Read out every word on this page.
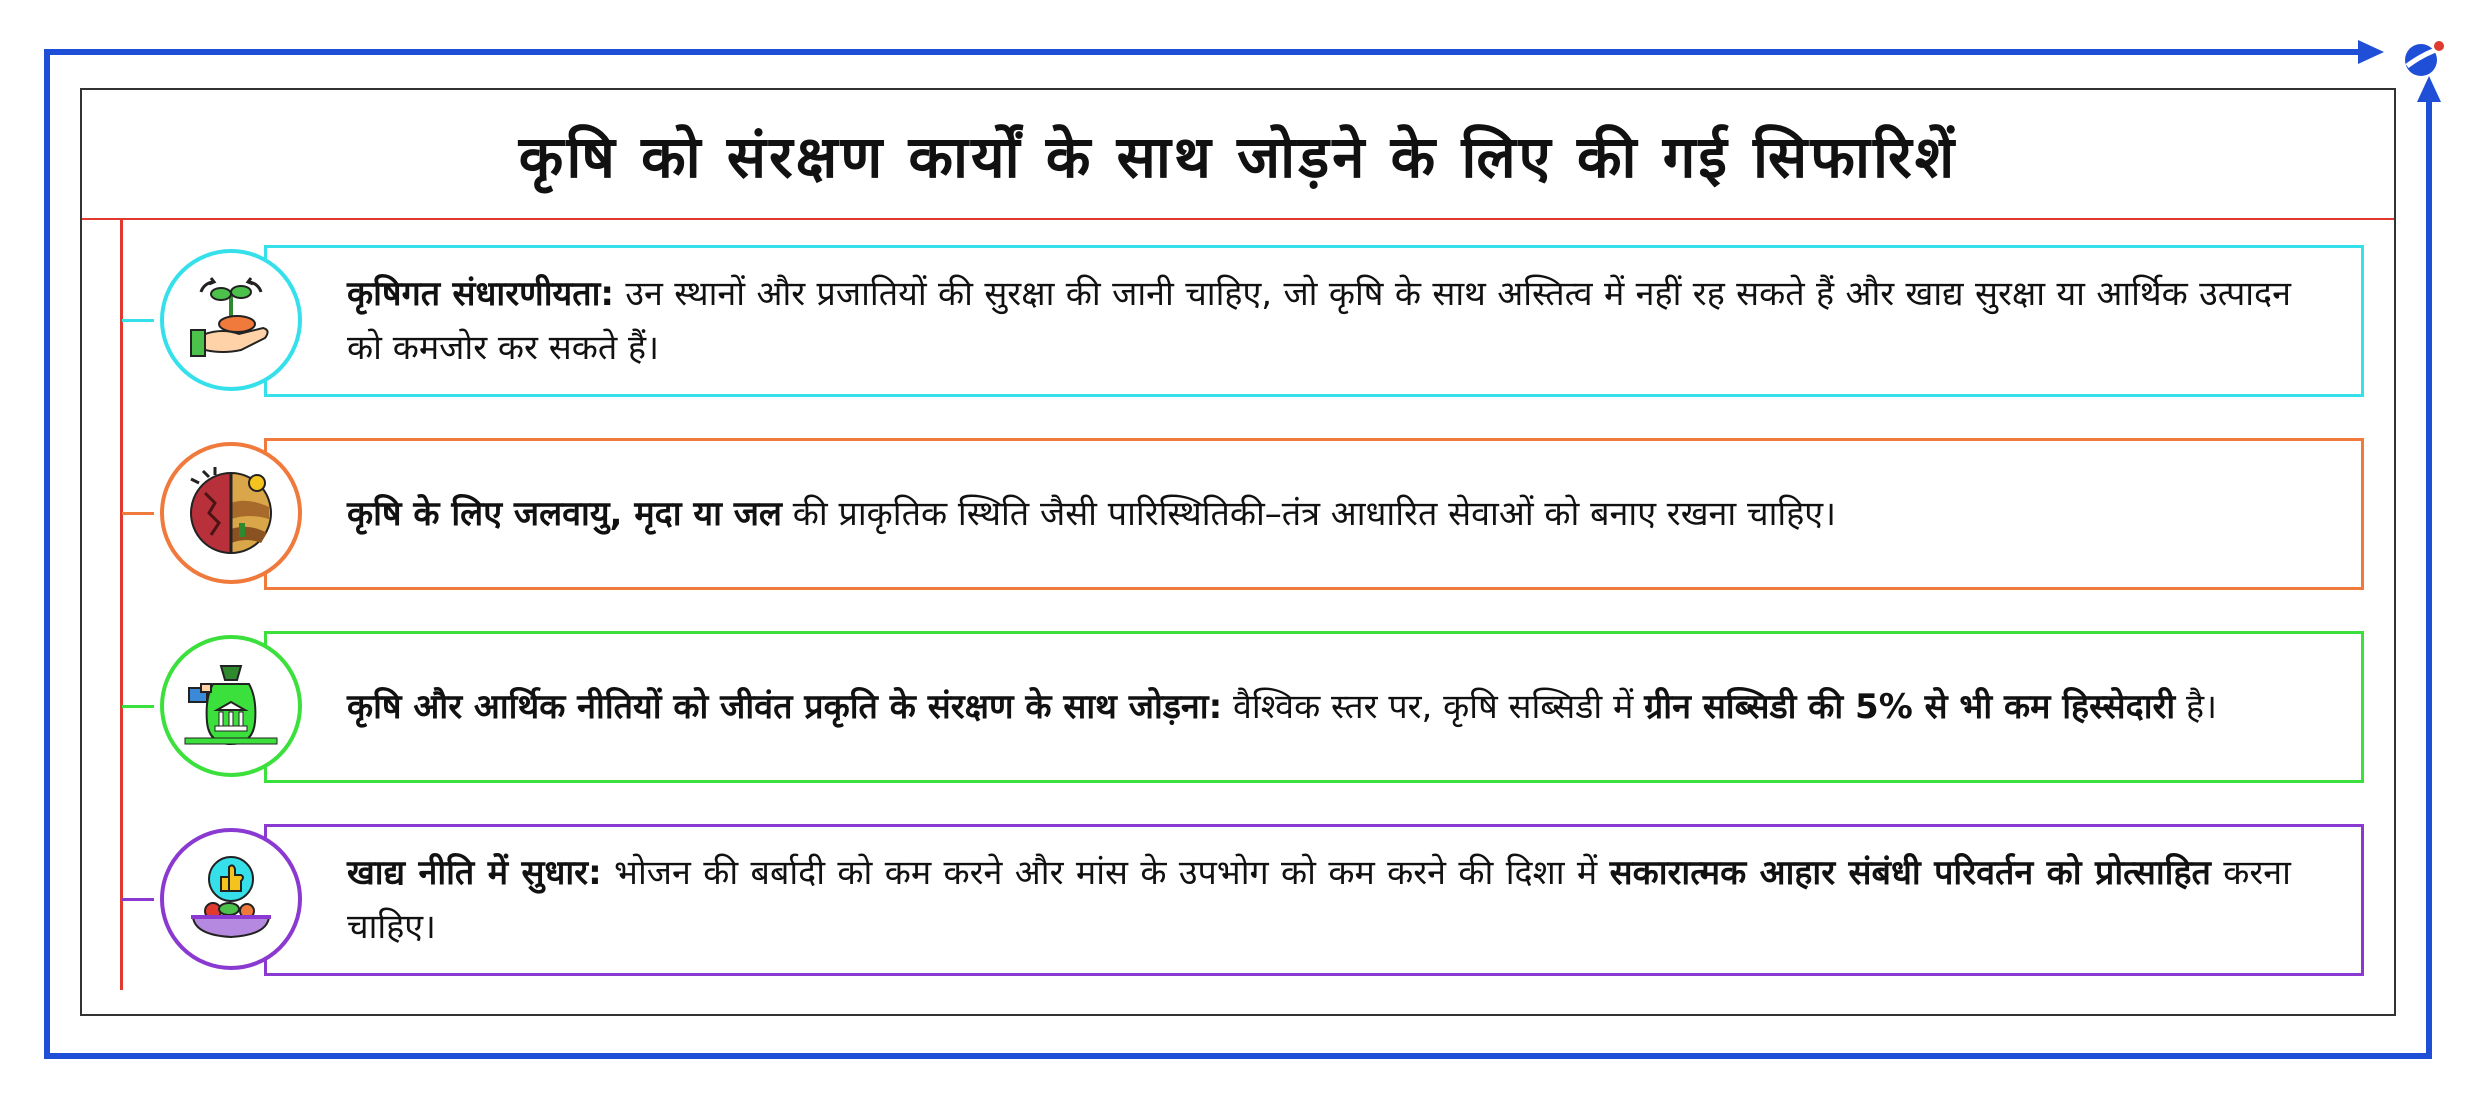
कृषि को संरक्षण कार्यों के साथ जोड़ने के लिए की गई सिफारिशें

कृषिगत संधारणीयता: उन स्थानों और प्रजातियों की सुरक्षा की जानी चाहिए, जो कृषि के साथ अस्तित्व में नहीं रह सकते हैं और खाद्य सुरक्षा या आर्थिक उत्पादन को कमजोर कर सकते हैं।

कृषि के लिए जलवायु, मृदा या जल की प्राकृतिक स्थिति जैसी पारिस्थितिकी–तंत्र आधारित सेवाओं को बनाए रखना चाहिए।

कृषि और आर्थिक नीतियों को जीवंत प्रकृति के संरक्षण के साथ जोड़ना: वैश्विक स्तर पर, कृषि सब्सिडी में ग्रीन सब्सिडी की 5% से भी कम हिस्सेदारी है।

खाद्य नीति में सुधार: भोजन की बर्बादी को कम करने और मांस के उपभोग को कम करने की दिशा में सकारात्मक आहार संबंधी परिवर्तन को प्रोत्साहित करना चाहिए।
